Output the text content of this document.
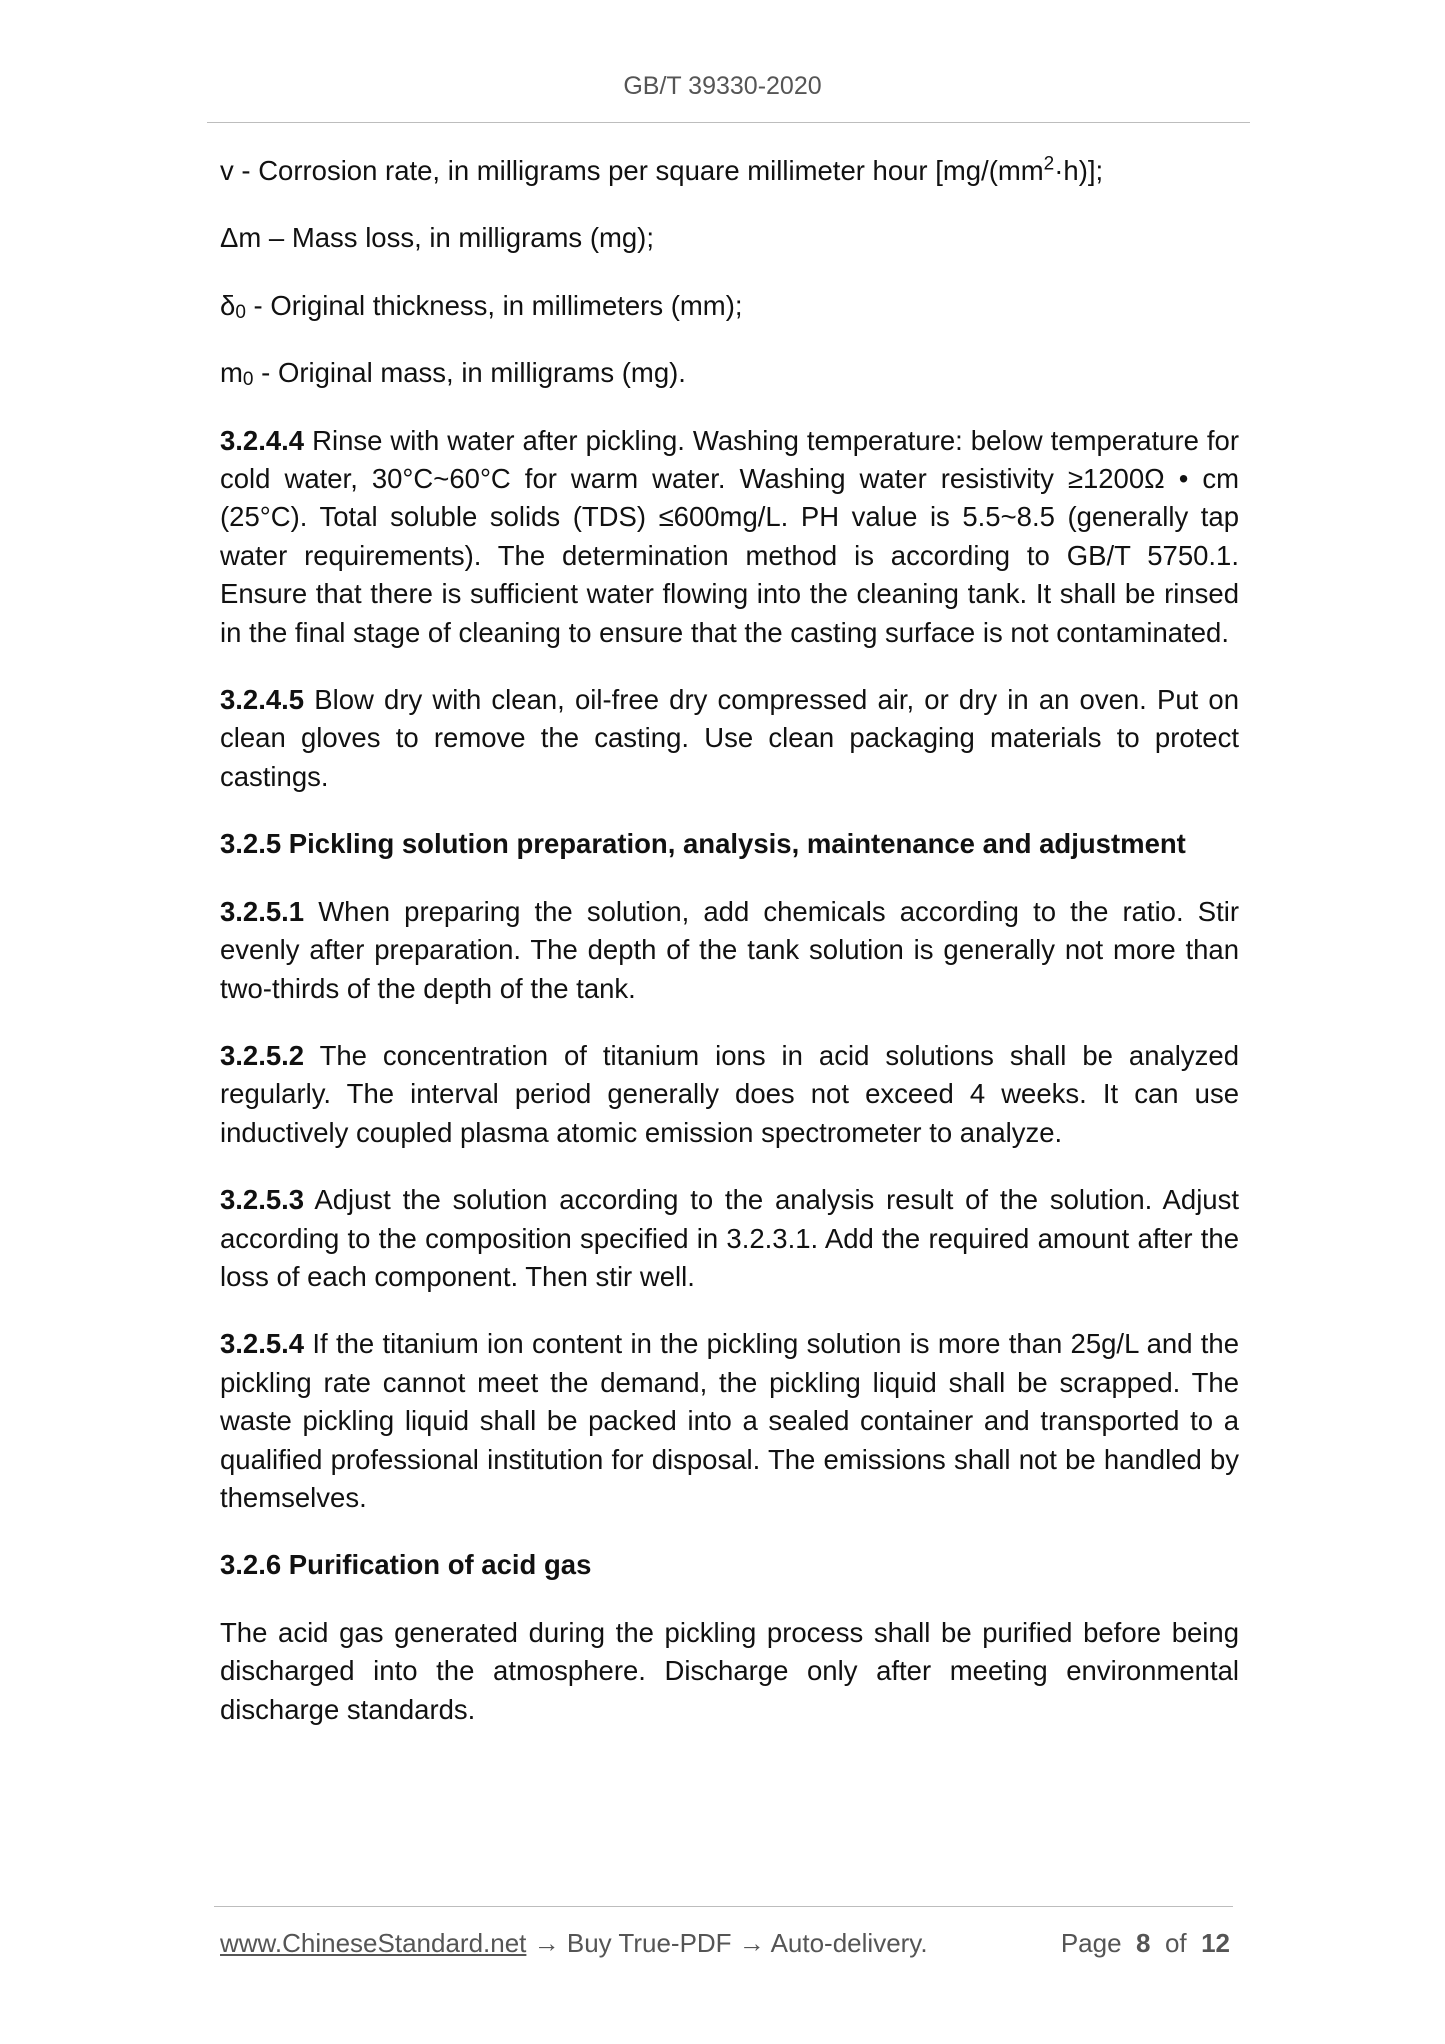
GB/T 39330-2020

v - Corrosion rate, in milligrams per square millimeter hour $[mg/(mm^2\cdot h)]$;

Δm – Mass loss, in milligrams (mg);

$\delta_0$ - Original thickness, in millimeters (mm);

$m_0$ - Original mass, in milligrams (mg).

3.2.4.4 Rinse with water after pickling. Washing temperature: below temperature for cold water, 30°C~60°C for warm water. Washing water resistivity ≥1200Ω • cm (25°C). Total soluble solids (TDS) ≤600mg/L. PH value is 5.5~8.5 (generally tap water requirements). The determination method is according to GB/T 5750.1. Ensure that there is sufficient water flowing into the cleaning tank. It shall be rinsed in the final stage of cleaning to ensure that the casting surface is not contaminated.

3.2.4.5 Blow dry with clean, oil-free dry compressed air, or dry in an oven. Put on clean gloves to remove the casting. Use clean packaging materials to protect castings.

3.2.5 Pickling solution preparation, analysis, maintenance and adjustment

3.2.5.1 When preparing the solution, add chemicals according to the ratio. Stir evenly after preparation. The depth of the tank solution is generally not more than two-thirds of the depth of the tank.

3.2.5.2 The concentration of titanium ions in acid solutions shall be analyzed regularly. The interval period generally does not exceed 4 weeks. It can use inductively coupled plasma atomic emission spectrometer to analyze.

3.2.5.3 Adjust the solution according to the analysis result of the solution. Adjust according to the composition specified in 3.2.3.1. Add the required amount after the loss of each component. Then stir well.

3.2.5.4 If the titanium ion content in the pickling solution is more than 25g/L and the pickling rate cannot meet the demand, the pickling liquid shall be scrapped. The waste pickling liquid shall be packed into a sealed container and transported to a qualified professional institution for disposal. The emissions shall not be handled by themselves.

3.2.6 Purification of acid gas

The acid gas generated during the pickling process shall be purified before being discharged into the atmosphere. Discharge only after meeting environmental discharge standards.

www.ChineseStandard.net → Buy True-PDF → Auto-delivery.	Page 8 of 12
